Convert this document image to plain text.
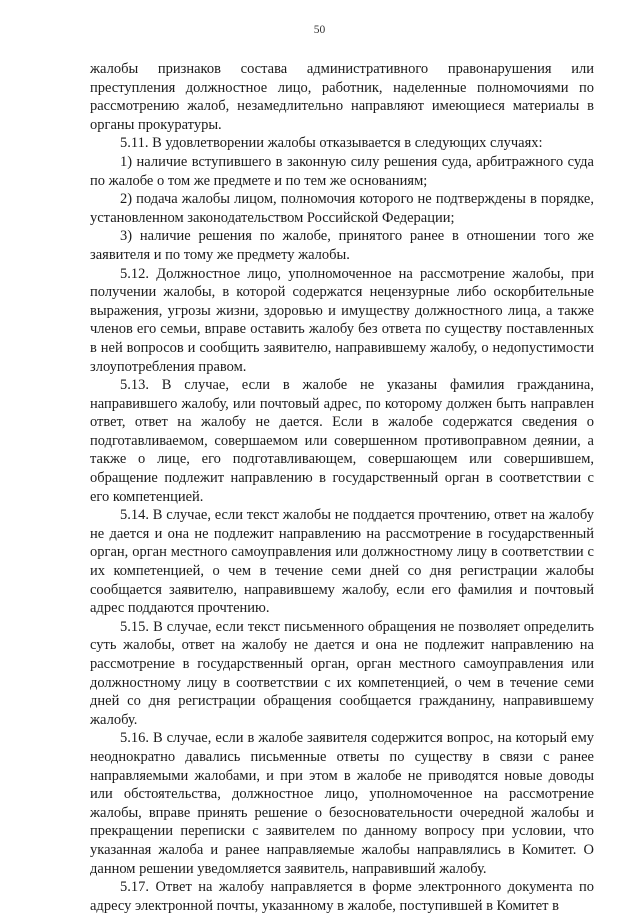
50

жалобы признаков состава административного правонарушения или преступления должностное лицо, работник, наделенные полномочиями по рассмотрению жалоб, незамедлительно направляют имеющиеся материалы в органы прокуратуры.

5.11. В удовлетворении жалобы отказывается в следующих случаях:

1) наличие вступившего в законную силу решения суда, арбитражного суда по жалобе о том же предмете и по тем же основаниям;

2) подача жалобы лицом, полномочия которого не подтверждены в порядке, установленном законодательством Российской Федерации;

3) наличие решения по жалобе, принятого ранее в отношении того же заявителя и по тому же предмету жалобы.

5.12. Должностное лицо, уполномоченное на рассмотрение жалобы, при получении жалобы, в которой содержатся нецензурные либо оскорбительные выражения, угрозы жизни, здоровью и имуществу должностного лица, а также членов его семьи, вправе оставить жалобу без ответа по существу поставленных в ней вопросов и сообщить заявителю, направившему жалобу, о недопустимости злоупотребления правом.

5.13. В случае, если в жалобе не указаны фамилия гражданина, направившего жалобу, или почтовый адрес, по которому должен быть направлен ответ, ответ на жалобу не дается. Если в жалобе содержатся сведения о подготавливаемом, совершаемом или совершенном противоправном деянии, а также о лице, его подготавливающем, совершающем или совершившем, обращение подлежит направлению в государственный орган в соответствии с его компетенцией.

5.14. В случае, если текст жалобы не поддается прочтению, ответ на жалобу не дается и она не подлежит направлению на рассмотрение в государственный орган, орган местного самоуправления или должностному лицу в соответствии с их компетенцией, о чем в течение семи дней со дня регистрации жалобы сообщается заявителю, направившему жалобу, если его фамилия и почтовый адрес поддаются прочтению.

5.15. В случае, если текст письменного обращения не позволяет определить суть жалобы, ответ на жалобу не дается и она не подлежит направлению на рассмотрение в государственный орган, орган местного самоуправления или должностному лицу в соответствии с их компетенцией, о чем в течение семи дней со дня регистрации обращения сообщается гражданину, направившему жалобу.

5.16. В случае, если в жалобе заявителя содержится вопрос, на который ему неоднократно давались письменные ответы по существу в связи с ранее направляемыми жалобами, и при этом в жалобе не приводятся новые доводы или обстоятельства, должностное лицо, уполномоченное на рассмотрение жалобы, вправе принять решение о безосновательности очередной жалобы и прекращении переписки с заявителем по данному вопросу при условии, что указанная жалоба и ранее направляемые жалобы направлялись в Комитет. О данном решении уведомляется заявитель, направивший жалобу.

5.17. Ответ на жалобу направляется в форме электронного документа по адресу электронной почты, указанному в жалобе, поступившей в Комитет в
